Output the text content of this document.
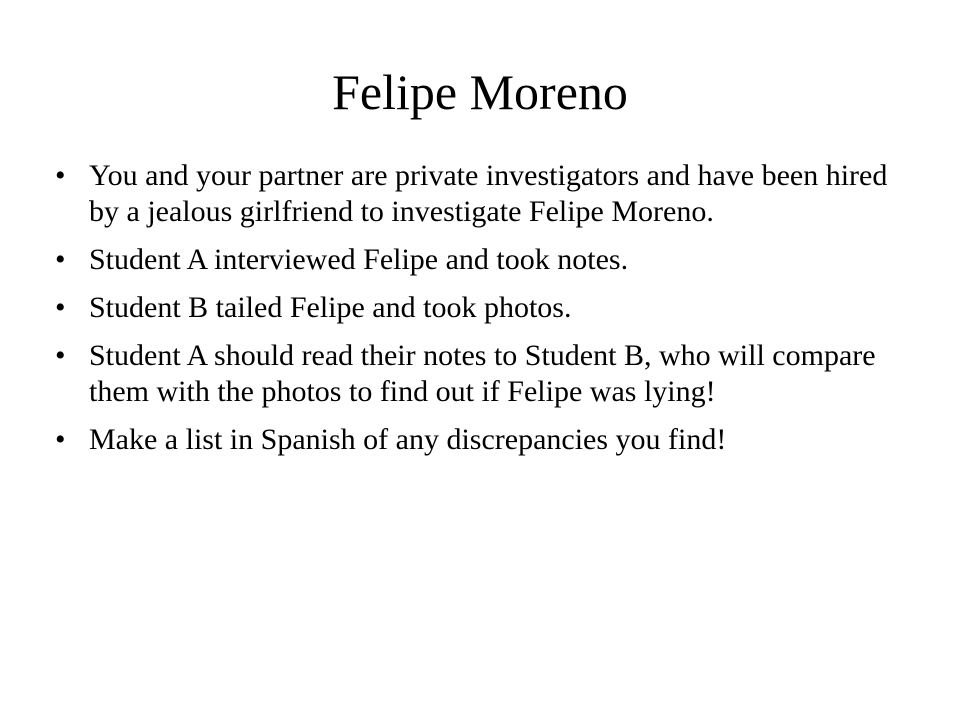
Felipe Moreno
• You and your partner are private investigators and have been hired by a jealous girlfriend to investigate Felipe Moreno.
• Student A interviewed Felipe and took notes.
• Student B tailed Felipe and took photos.
• Student A should read their notes to Student B, who will compare them with the photos to find out if Felipe was lying!
• Make a list in Spanish of any discrepancies you find!
